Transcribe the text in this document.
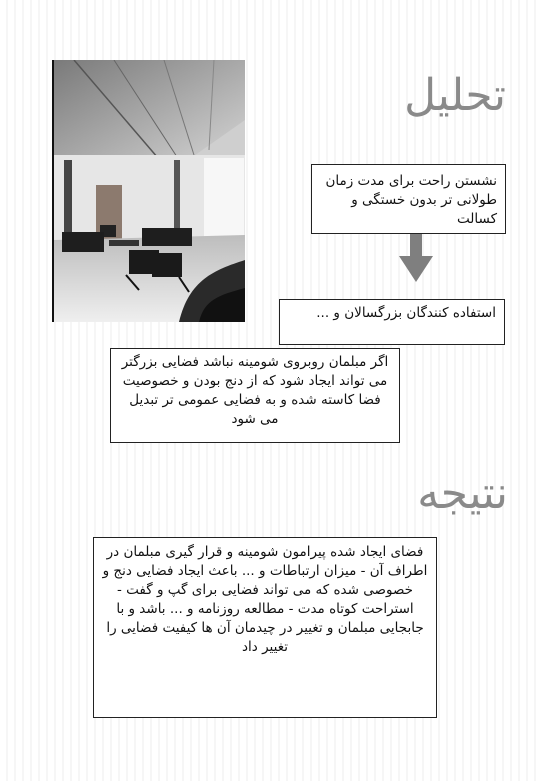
تحلیل
نشستن راحت برای مدت زمان طولانی تر بدون خستگی و کسالت
استفاده کنندگان بزرگسالان و ...
اگر مبلمان روبروی شومینه نباشد فضایی بزرگتر می تواند ایجاد شود که از دنج بودن و خصوصیت فضا کاسته شده و به فضایی عمومی تر تبدیل می شود
نتیجه
فضای ایجاد شده پیرامون شومینه و قرار گیری مبلمان در اطراف آن - میزان ارتباطات و ... باعث ایجاد فضایی دنج و خصوصی شده که می تواند فضایی برای گپ و گفت - استراحت کوتاه مدت - مطالعه روزنامه و ... باشد و با جابجایی مبلمان و تغییر در چیدمان آن ها کیفیت فضایی را تغییر داد
